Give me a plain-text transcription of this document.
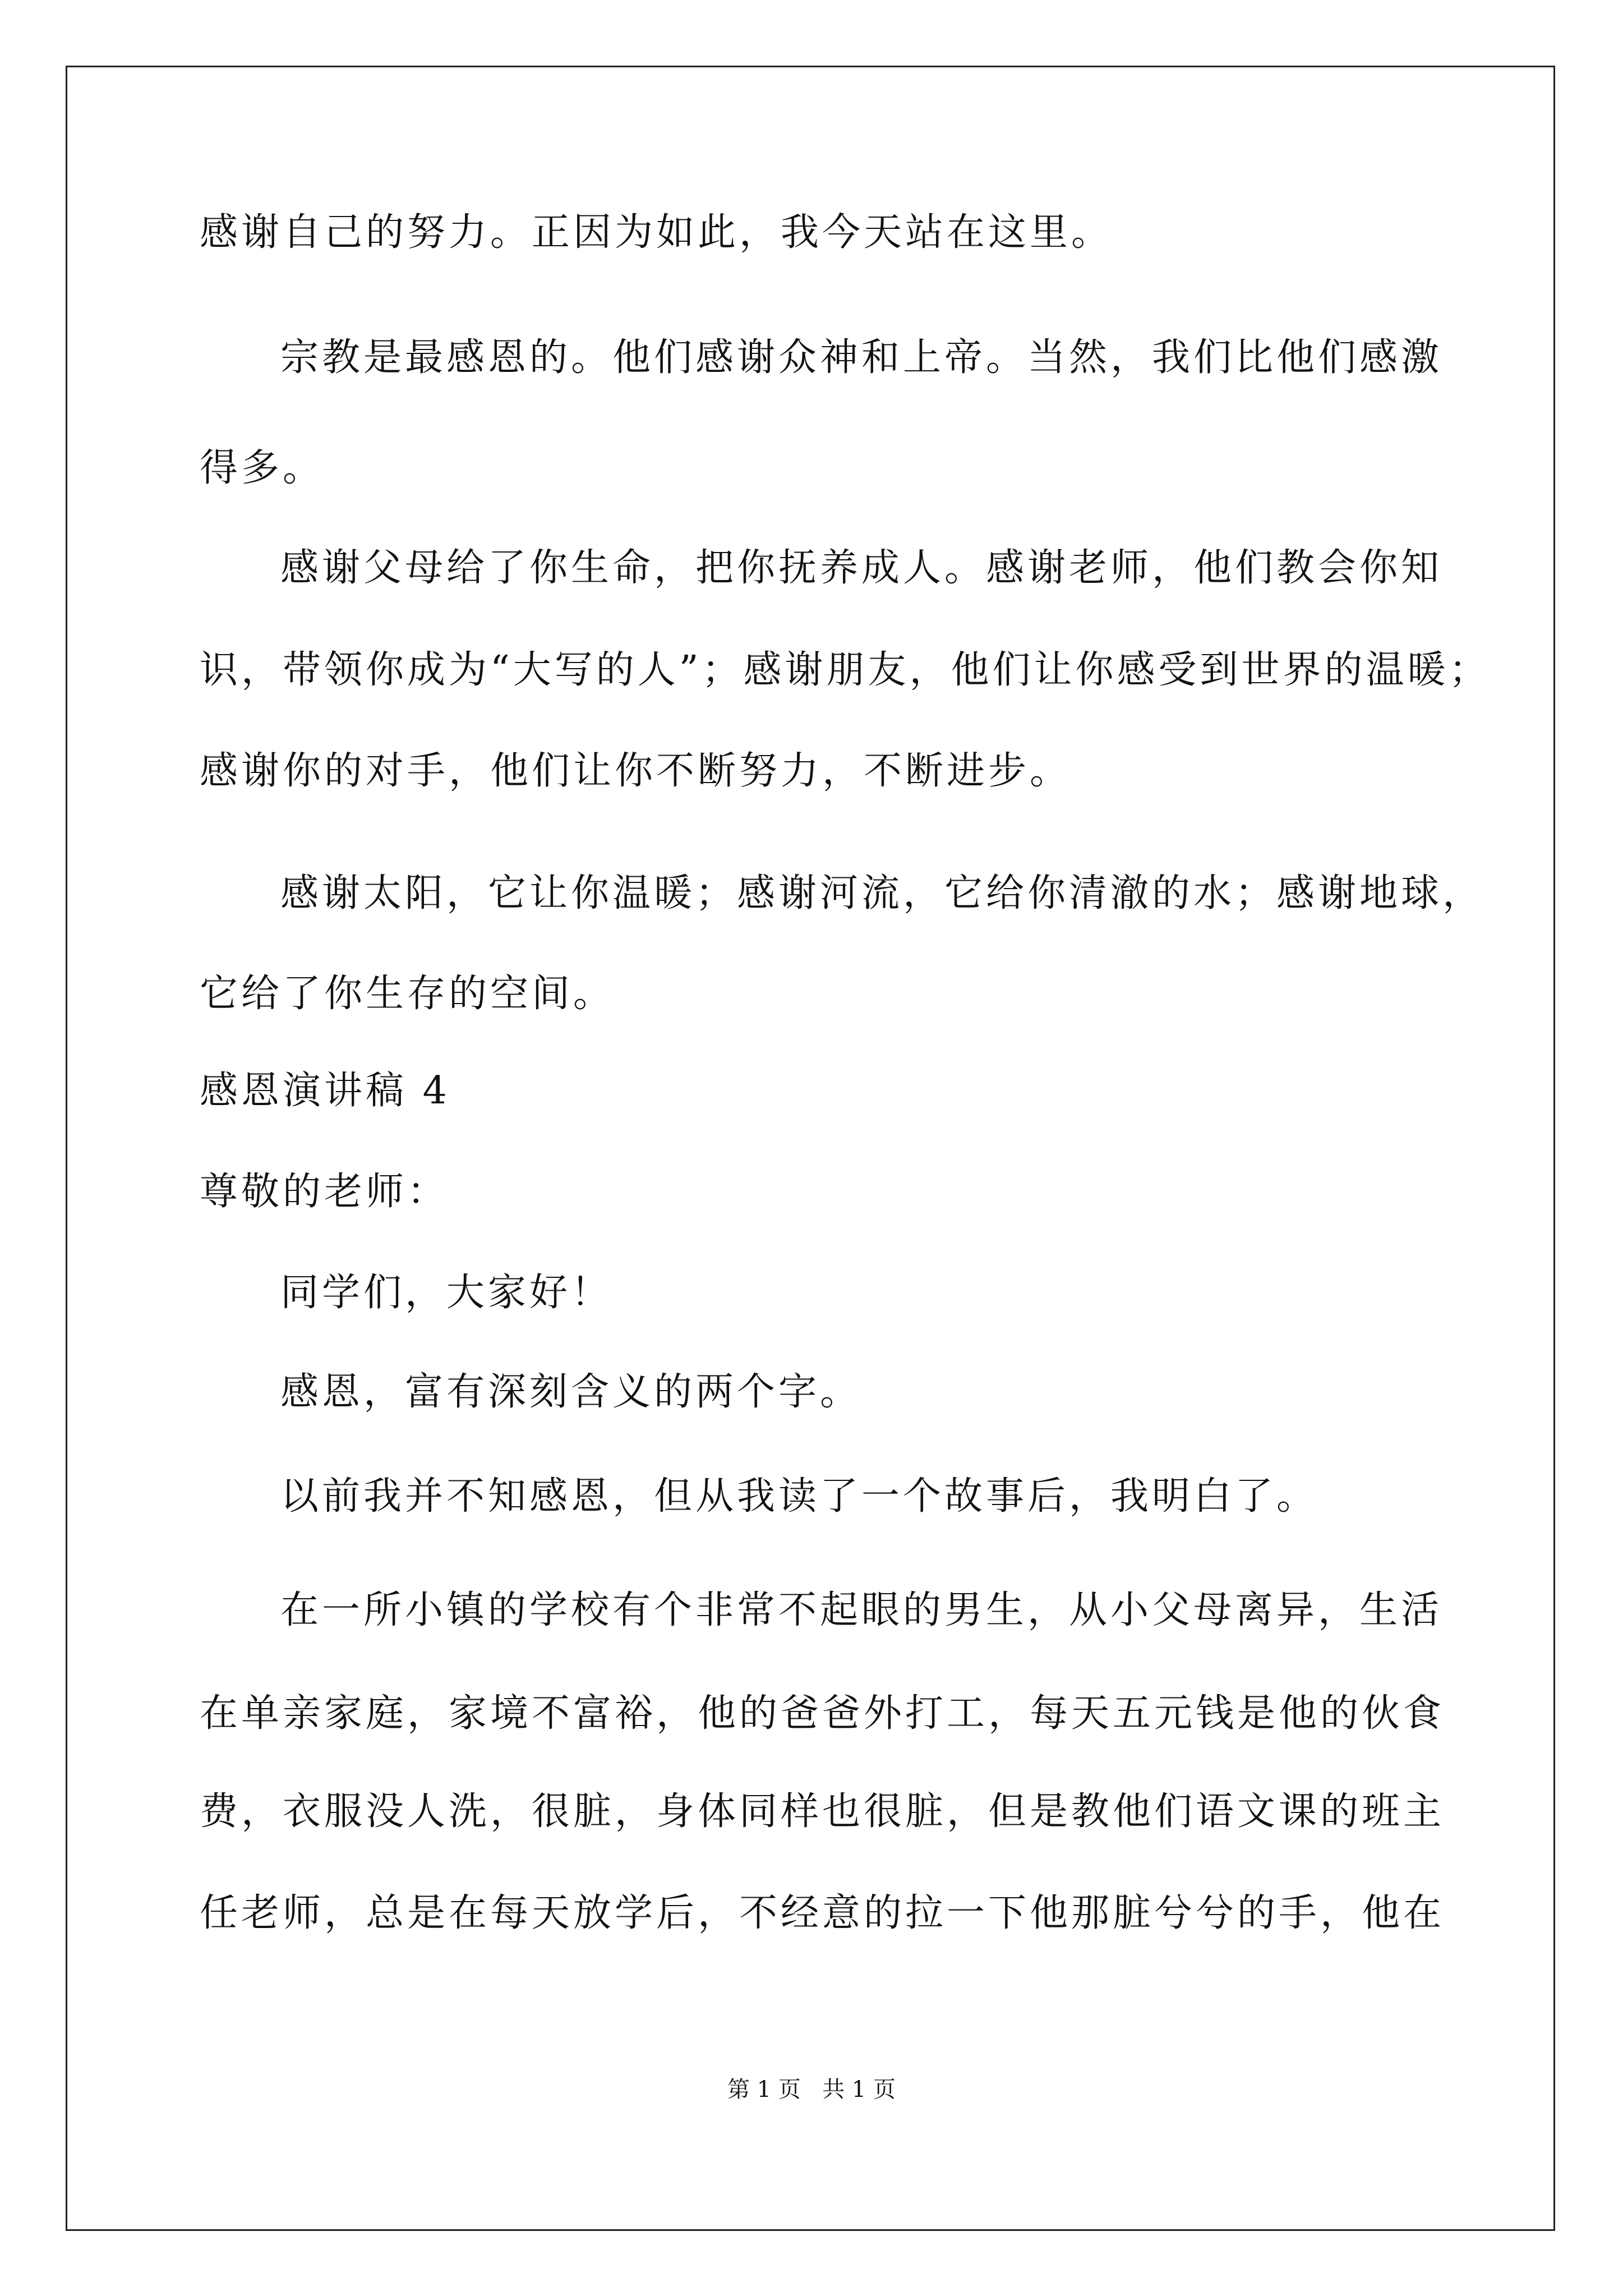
感谢自己的努力。正因为如此，我今天站在这里。
宗教是最感恩的。他们感谢众神和上帝。当然，我们比他们感激
得多。
感谢父母给了你生命，把你抚养成人。感谢老师，他们教会你知
识，带领你成为“大写的人”；感谢朋友，他们让你感受到世界的温暖；
感谢你的对手，他们让你不断努力，不断进步。
感谢太阳，它让你温暖；感谢河流，它给你清澈的水；感谢地球，
它给了你生存的空间。
感恩演讲稿 4
尊敬的老师：
同学们，大家好！
感恩，富有深刻含义的两个字。
以前我并不知感恩，但从我读了一个故事后，我明白了。
在一所小镇的学校有个非常不起眼的男生，从小父母离异，生活
在单亲家庭，家境不富裕，他的爸爸外打工，每天五元钱是他的伙食
费，衣服没人洗，很脏，身体同样也很脏，但是教他们语文课的班主
任老师，总是在每天放学后，不经意的拉一下他那脏兮兮的手，他在
第 1 页   共 1 页
